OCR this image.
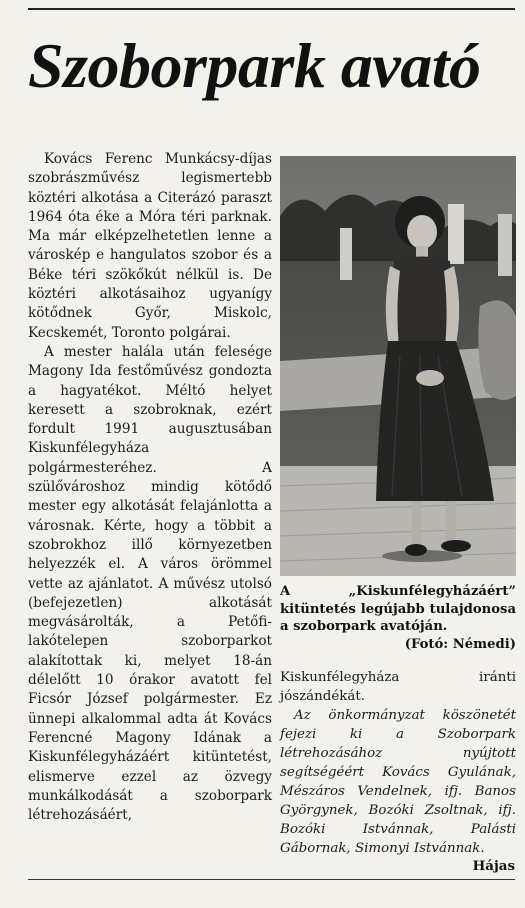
Szoborpark avató

Kovács Ferenc Munkácsy-díjas szobrászművész legismertebb köztéri alkotása a Citerázó paraszt 1964 óta éke a Móra téri parknak. Ma már elképzelhetetlen lenne a városkép e hangulatos szobor és a Béke téri szökőkút nélkül is. De köztéri alkotásaihoz ugyanígy kötődnek Győr, Miskolc, Kecskemét, Toronto polgárai.

A mester halála után felesége Magony Ida festőművész gondozta a hagyatékot. Méltó helyet keresett a szobroknak, ezért fordult 1991 augusztusában Kiskunfélegyháza polgármesteréhez. A szülővároshoz mindig kötődő mester egy alkotását felajánlotta a városnak. Kérte, hogy a többit a szobrokhoz illő környezetben helyezzék el. A város örömmel vette az ajánlatot. A művész utolsó (befejezetlen) alkotását megvásárolták, a Petőfi-lakótelepen szoborparkot alakítottak ki, melyet 18-án délelőtt 10 órakor avatott fel Ficsór József polgármester. Ez ünnepi alkalommal adta át Kovács Ferencné Magony Idának a Kiskunfélegyházáért kitüntetést, elismerve ezzel az özvegy munkálkodását a szoborpark létrehozásáért,

A „Kiskunfélegyházáért” kitüntetés legújabb tulajdonosa a szoborpark avatóján.
(Fotó: Némedi)

Kiskunfélegyháza iránti jószándékát.

Az önkormányzat köszönetét fejezi ki a Szoborpark létrehozásához nyújtott segítségéért Kovács Gyulának, Mészáros Vendelnek, ifj. Banos Györgynek, Bozóki Zsoltnak, ifj. Bozóki Istvánnak, Palásti Gábornak, Simonyi Istvánnak.

Hájas
